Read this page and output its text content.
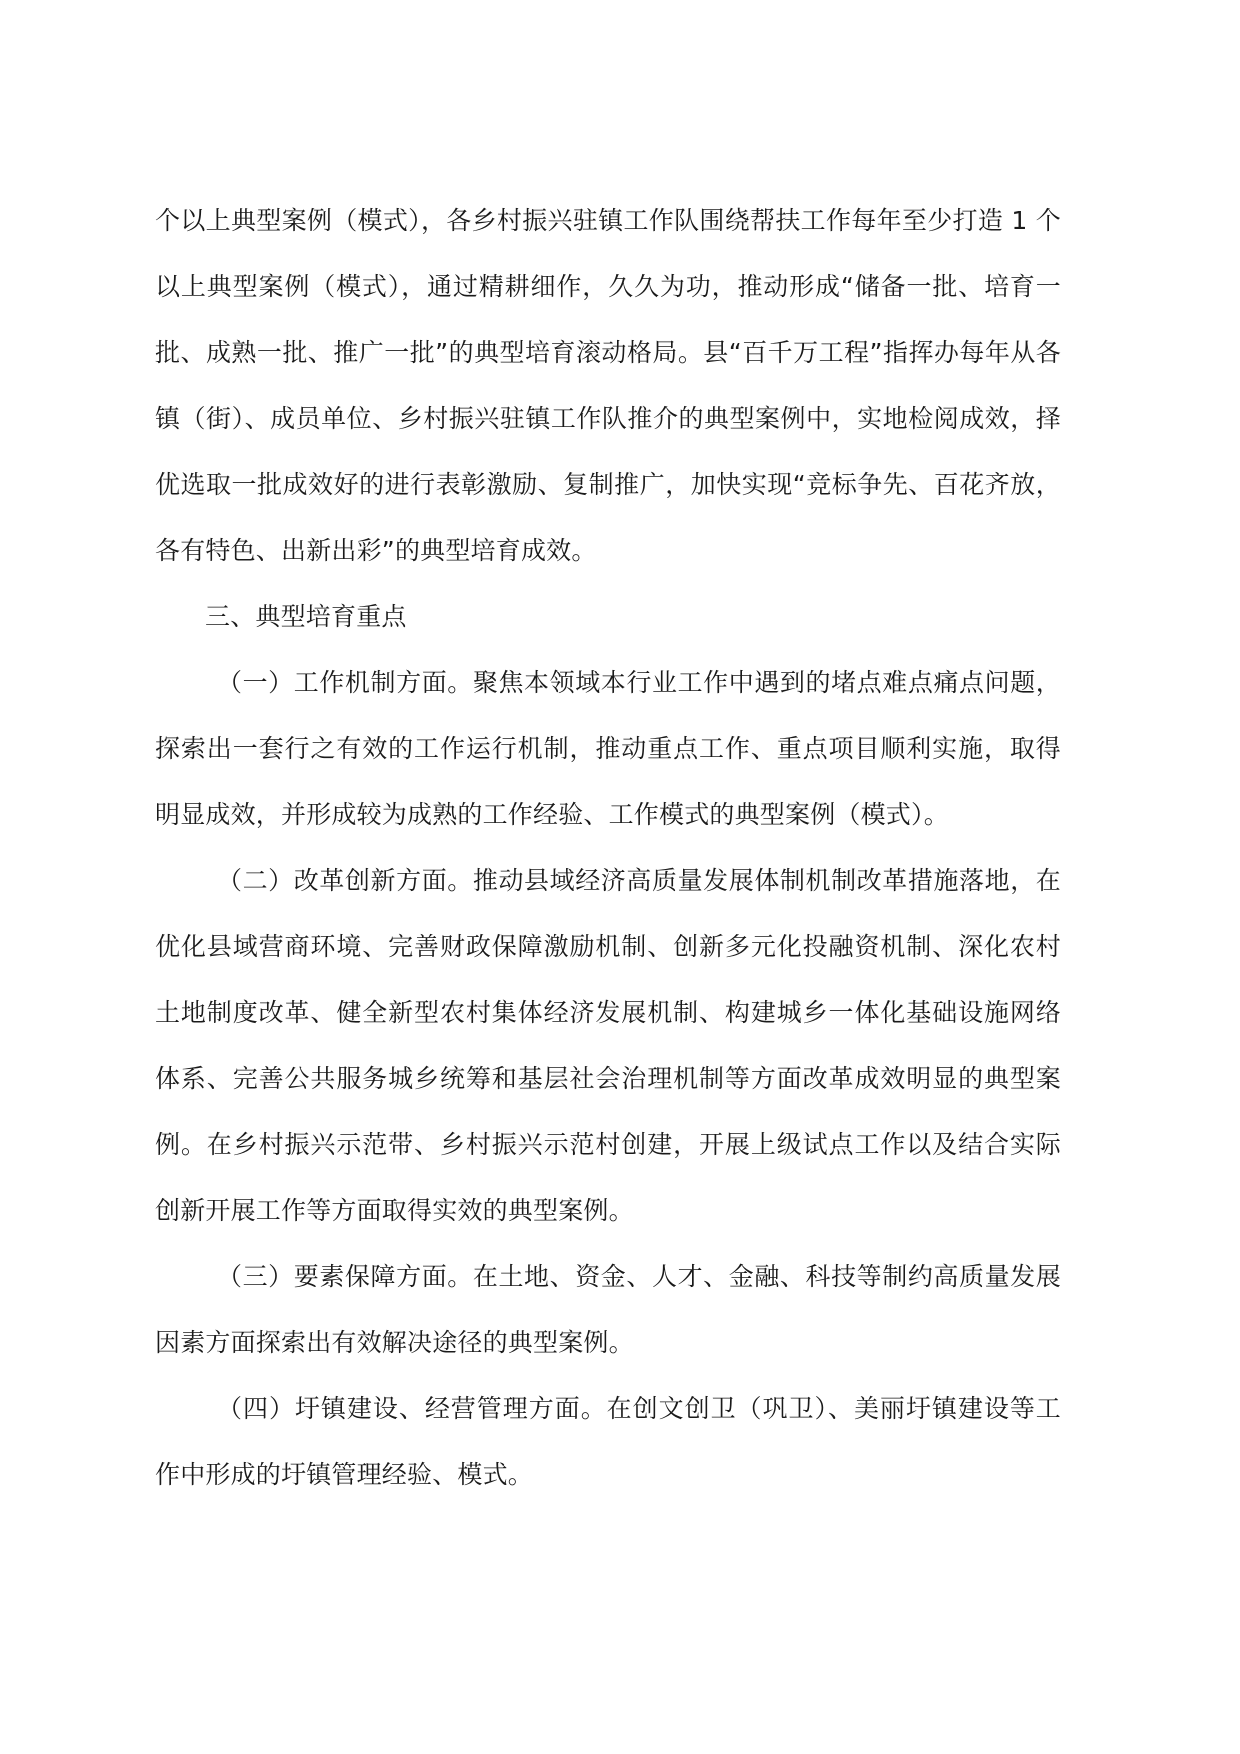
个以上典型案例（模式），各乡村振兴驻镇工作队围绕帮扶工作每年至少打造 1 个以上典型案例（模式），通过精耕细作，久久为功，推动形成“储备一批、培育一批、成熟一批、推广一批”的典型培育滚动格局。县“百千万工程”指挥办每年从各镇（街）、成员单位、乡村振兴驻镇工作队推介的典型案例中，实地检阅成效，择优选取一批成效好的进行表彰激励、复制推广，加快实现“竞标争先、百花齐放，各有特色、出新出彩”的典型培育成效。

三、典型培育重点

（一）工作机制方面。聚焦本领域本行业工作中遇到的堵点难点痛点问题，探索出一套行之有效的工作运行机制，推动重点工作、重点项目顺利实施，取得明显成效，并形成较为成熟的工作经验、工作模式的典型案例（模式）。

（二）改革创新方面。推动县域经济高质量发展体制机制改革措施落地，在优化县域营商环境、完善财政保障激励机制、创新多元化投融资机制、深化农村土地制度改革、健全新型农村集体经济发展机制、构建城乡一体化基础设施网络体系、完善公共服务城乡统筹和基层社会治理机制等方面改革成效明显的典型案例。在乡村振兴示范带、乡村振兴示范村创建，开展上级试点工作以及结合实际创新开展工作等方面取得实效的典型案例。

（三）要素保障方面。在土地、资金、人才、金融、科技等制约高质量发展因素方面探索出有效解决途径的典型案例。

（四）圩镇建设、经营管理方面。在创文创卫（巩卫）、美丽圩镇建设等工作中形成的圩镇管理经验、模式。
